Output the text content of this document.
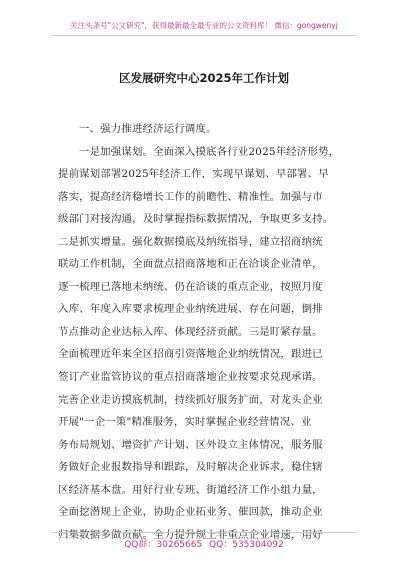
关注头条号"公文研究"，获得最新最全最专业的公文资料库！ 微信：gongwenyj
区发展研究中心2025年工作计划
一、强力推进经济运行调度。
一是加强谋划。全面深入摸底各行业2025年经济形势，
提前谋划部署2025年经济工作，实现早谋划、早部署、早
落实，提高经济稳增长工作的前瞻性、精准性。加强与市
级部门对接沟通，及时掌握指标数据情况，争取更多支持。
二是抓实增量。强化数据摸底及纳统指导，建立招商纳统
联动工作机制，全面盘点招商落地和正在洽谈企业清单，
逐一梳理已落地未纳统、仍在洽谈的重点企业，按照月度
入库、年度入库要求梳理企业纳统进展、存在问题，倒排
节点推动企业达标入库、体现经济贡献。三是盯紧存量。
全面梳理近年来全区招商引资落地企业纳统情况，跟进已
签订产业监管协议的重点招商落地企业按要求兑现承诺。
完善企业走访摸底机制，持续抓好服务扩面，对龙头企业
开展"一企一策"精准服务，实时掌握企业经营情况、业
务布局规划、增资扩产计划、区外设立主体情况，服务服
务做好企业报数指导和跟踪，及时解决企业诉求，稳住辖
区经济基本盘。用好行业专班、街道经济工作小组力量，
全面挖潜规上企业，协助企业拓业务、催回款，推动企业
归集数据多做贡献。全力提升规上非重点企业增速，用好
QQ群：30265665 QQ：535304092
